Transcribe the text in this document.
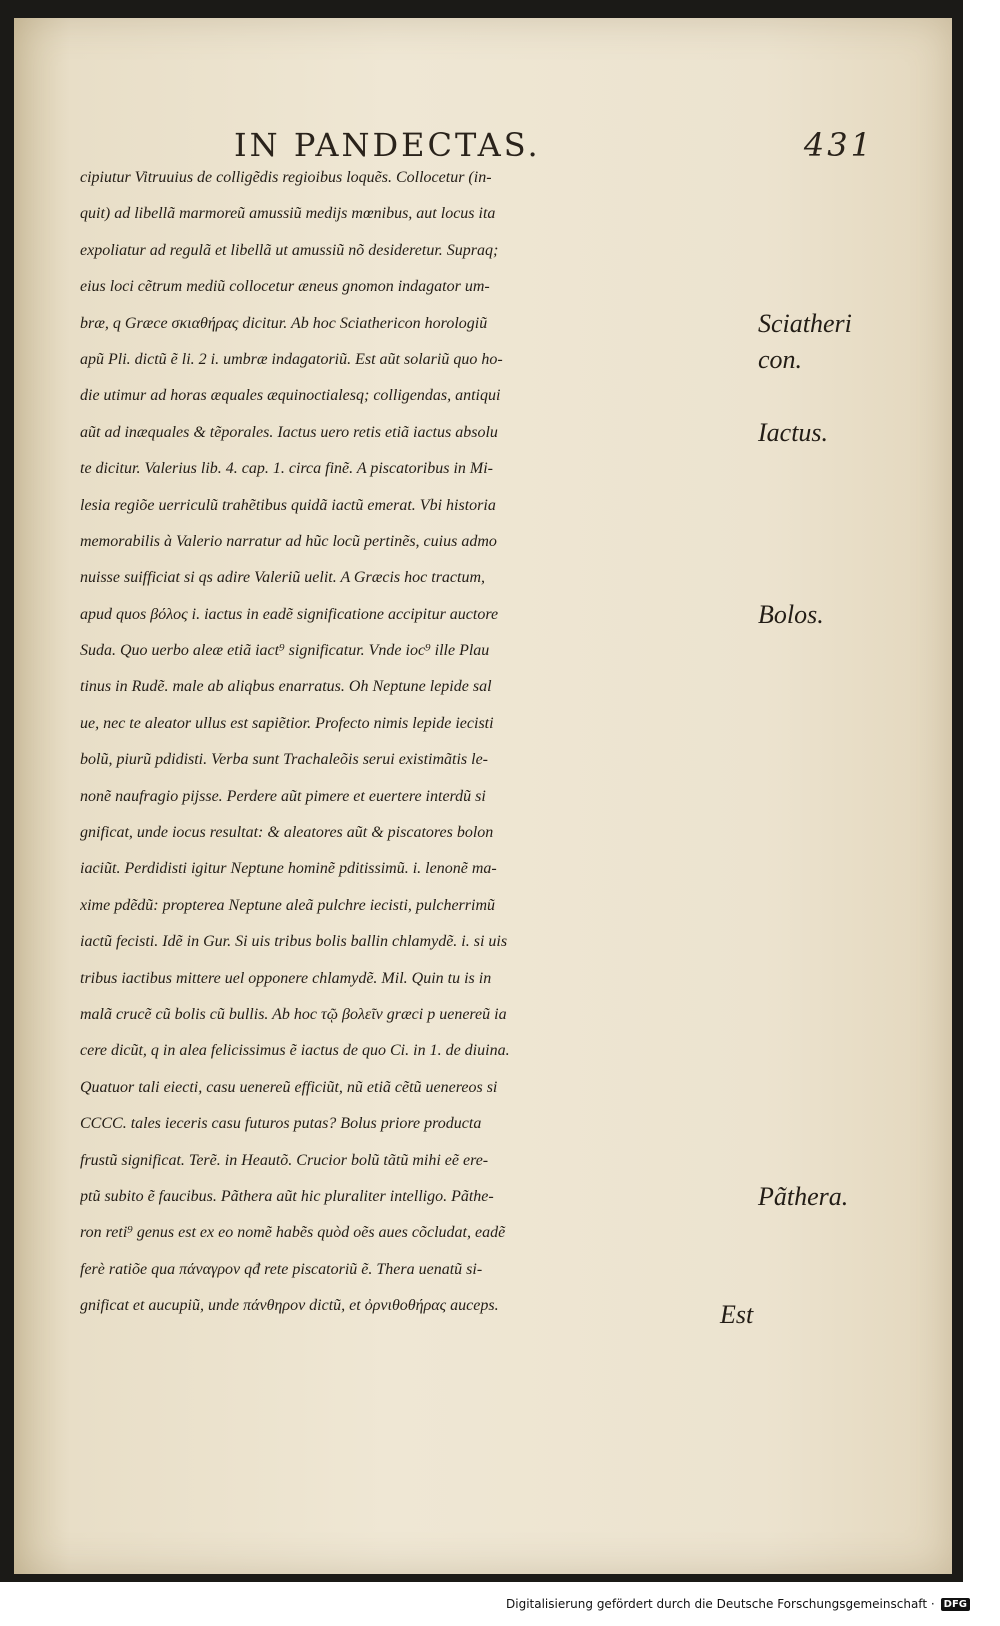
IN PANDECTAS.	431
cipiutur Vitruuius de colligẽdis regioibus loquẽs. Collocetur (in-
quit) ad libellã marmoreũ amussiũ medijs mœnibus, aut locus ita
expoliatur ad regulã et libellã ut amussiũ nõ desideretur. Supraq;
eius loci cẽtrum mediũ collocetur æneus gnomon indagator um-
bræ, q Græce σκιαθήρας dicitur. Ab hoc Sciathericon horologiũ
apũ Pli. dictũ ẽ li. 2 i. umbræ indagatoriũ. Est aũt solariũ quo ho-
die utimur ad horas æquales æquinoctialesq; colligendas, antiqui
aũt ad inæquales & tẽporales. Iactus uero retis etiã iactus absolu
te dicitur. Valerius lib. 4. cap. 1. circa finẽ. A piscatoribus in Mi-
lesia regiõe uerriculũ trahẽtibus quidã iactũ emerat. Vbi historia
memorabilis à Valerio narratur ad hũc locũ pertinẽs, cuius admo
nuisse suifficiat si qs adire Valeriũ uelit. A Græcis hoc tractum,
apud quos βόλος i. iactus in eadẽ significatione accipitur auctore
Suda. Quo uerbo aleæ etiã iact⁹ significatur. Vnde ioc⁹ ille Plau
tinus in Rudẽ. male ab aliqbus enarratus. Oh Neptune lepide sal
ue, nec te aleator ullus est sapiẽtior. Profecto nimis lepide iecisti
bolũ, piurũ pdidisti. Verba sunt Trachaleõis serui existimãtis le-
nonẽ naufragio pijsse. Perdere aũt pimere et euertere interdũ si
gnificat, unde iocus resultat: & aleatores aũt & piscatores bolon
iaciũt. Perdidisti igitur Neptune hominẽ pditissimũ. i. lenonẽ ma-
xime pdẽdũ: propterea Neptune aleã pulchre iecisti, pulcherrimũ
iactũ fecisti. Idẽ in Gur. Si uis tribus bolis ballin chlamydẽ. i. si uis
tribus iactibus mittere uel opponere chlamydẽ. Mil. Quin tu is in
malã crucẽ cũ bolis cũ bullis. Ab hoc τῷ βολεῖν græci p uenereũ ia
cere dicũt, q in alea felicissimus ẽ iactus de quo Ci. in 1. de diuina.
Quatuor tali eiecti, casu uenereũ efficiũt, nũ etiã cẽtũ uenereos si
CCCC. tales ieceris casu futuros putas? Bolus priore producta
frustũ significat. Terẽ. in Heautõ. Crucior bolũ tãtũ mihi eẽ ere-
ptũ subito ẽ faucibus. Pãthera aũt hic pluraliter intelligo. Pãthe-
ron reti⁹ genus est ex eo nomẽ habẽs quòd oẽs aues cõcludat, eadẽ
ferè ratiõe qua πάναγρον qđ rete piscatoriũ ẽ. Thera uenatũ si-
gnificat et aucupiũ, unde πάνθηρον dictũ, et ὀρνιθοθήρας auceps.	Est
Digitalisierung gefördert durch die Deutsche Forschungsgemeinschaft · DFG
Sciatheri
con.
Iactus.
Bolos.
Pãthera.
